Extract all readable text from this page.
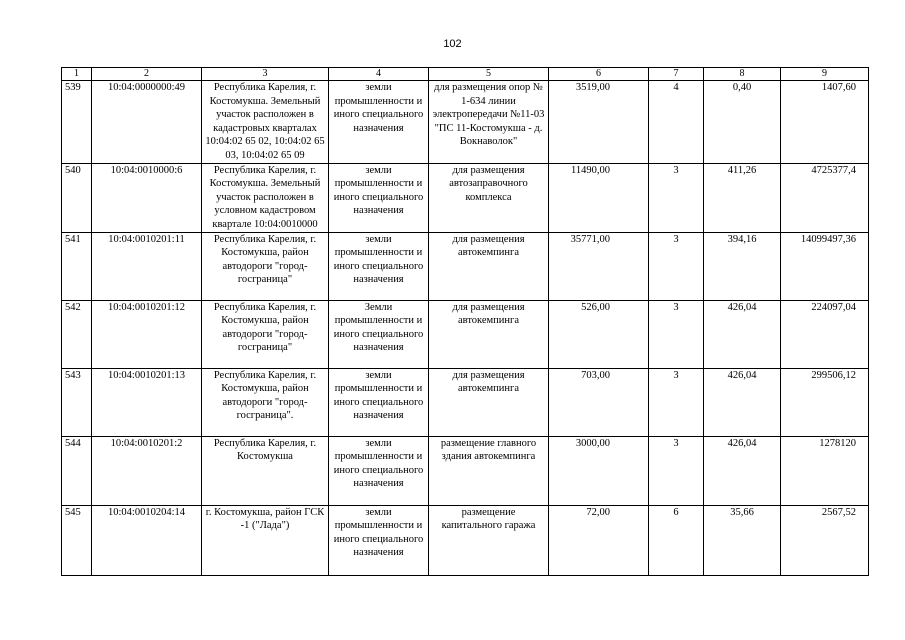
102
1	2	3	4	5	6	7	8	9
539	10:04:0000000:49	Республика Карелия, г. Костомукша. Земельный участок расположен в кадастровых кварталах 10:04:02 65 02, 10:04:02 65 03, 10:04:02 65 09	земли промышленности и иного специального назначения	для размещения опор № 1-634 линии электропередачи №11-03 "ПС 11-Костомукша - д. Вокнаволок"	3519,00	4	0,40	1407,60
540	10:04:0010000:6	Республика Карелия, г. Костомукша. Земельный участок расположен в условном кадастровом квартале 10:04:0010000	земли промышленности и иного специального назначения	для размещения автозаправочного комплекса	11490,00	3	411,26	4725377,4
541	10:04:0010201:11	Республика Карелия, г. Костомукша, район автодороги "город-госграница"	земли промышленности и иного специального назначения	для размещения автокемпинга	35771,00	3	394,16	14099497,36
542	10:04:0010201:12	Республика Карелия, г. Костомукша, район автодороги "город-госграница"	Земли промышленности и иного специального назначения	для размещения автокемпинга	526,00	3	426,04	224097,04
543	10:04:0010201:13	Республика Карелия, г. Костомукша, район автодороги "город-госграница".	земли промышленности и иного специального назначения	для размещения автокемпинга	703,00	3	426,04	299506,12
544	10:04:0010201:2	Республика Карелия, г. Костомукша	земли промышленности и иного специального назначения	размещение главного здания автокемпинга	3000,00	3	426,04	1278120
545	10:04:0010204:14	г. Костомукша, район ГСК -1 ("Лада")	земли промышленности и иного специального назначения	размещение капитального гаража	72,00	6	35,66	2567,52
